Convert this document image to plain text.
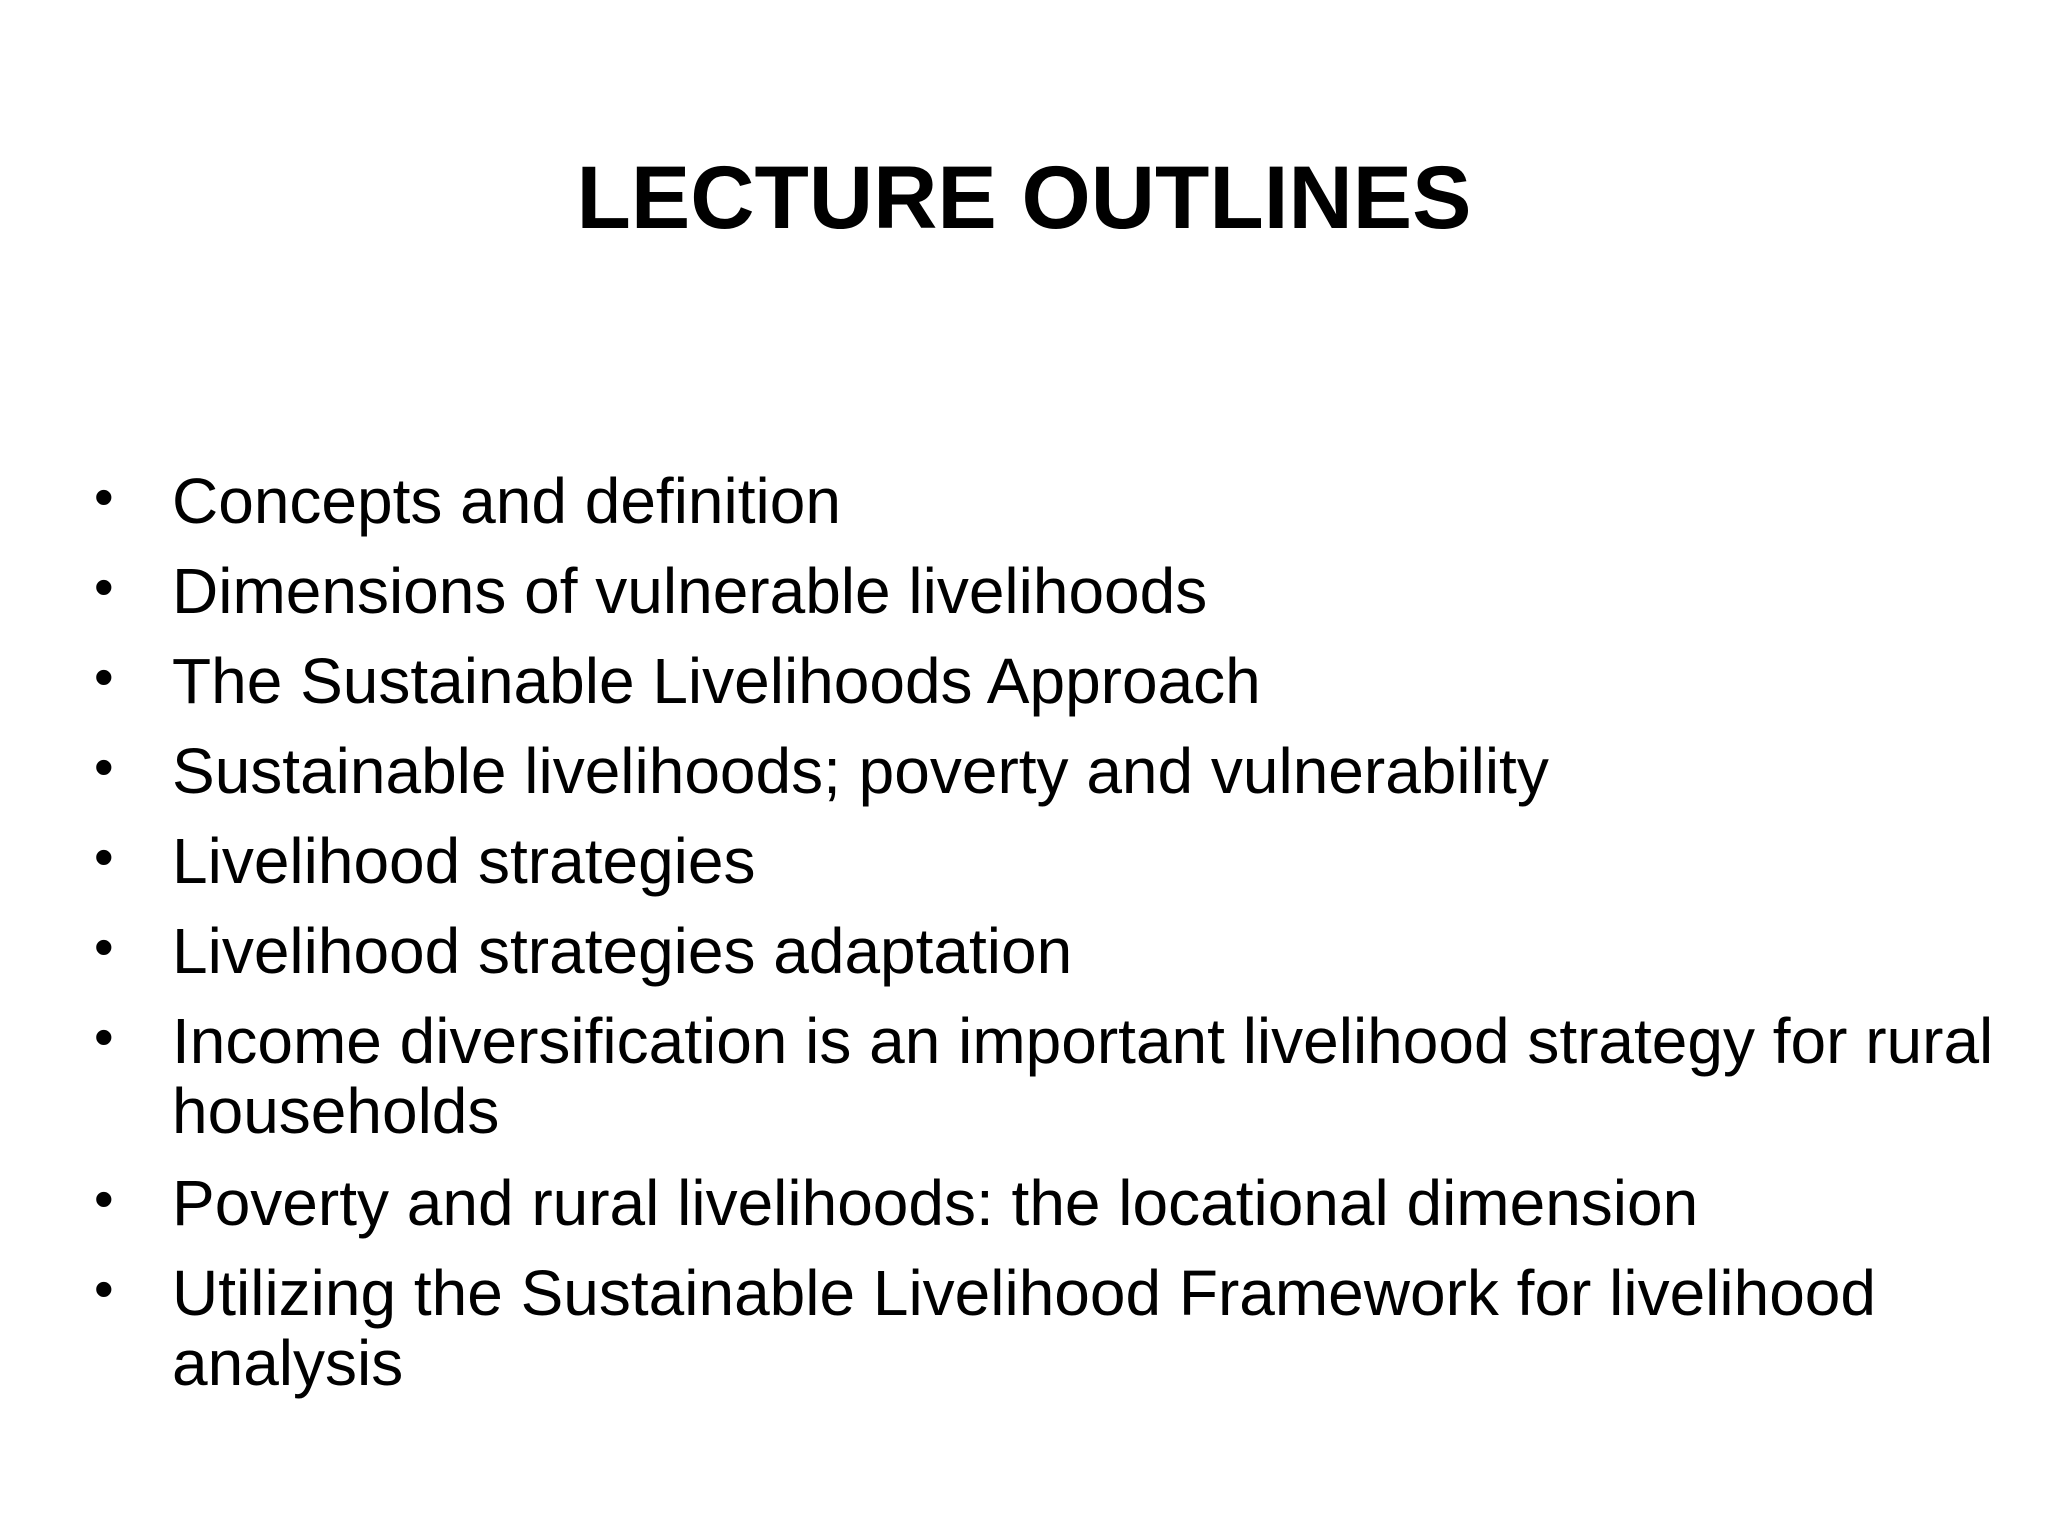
LECTURE OUTLINES
• Concepts and definition
• Dimensions of vulnerable livelihoods
• The Sustainable Livelihoods Approach
• Sustainable livelihoods; poverty and vulnerability
• Livelihood strategies
• Livelihood strategies adaptation
• Income diversification is an important livelihood strategy for rural households
• Poverty and rural livelihoods: the locational dimension
• Utilizing the Sustainable Livelihood Framework for livelihood analysis
